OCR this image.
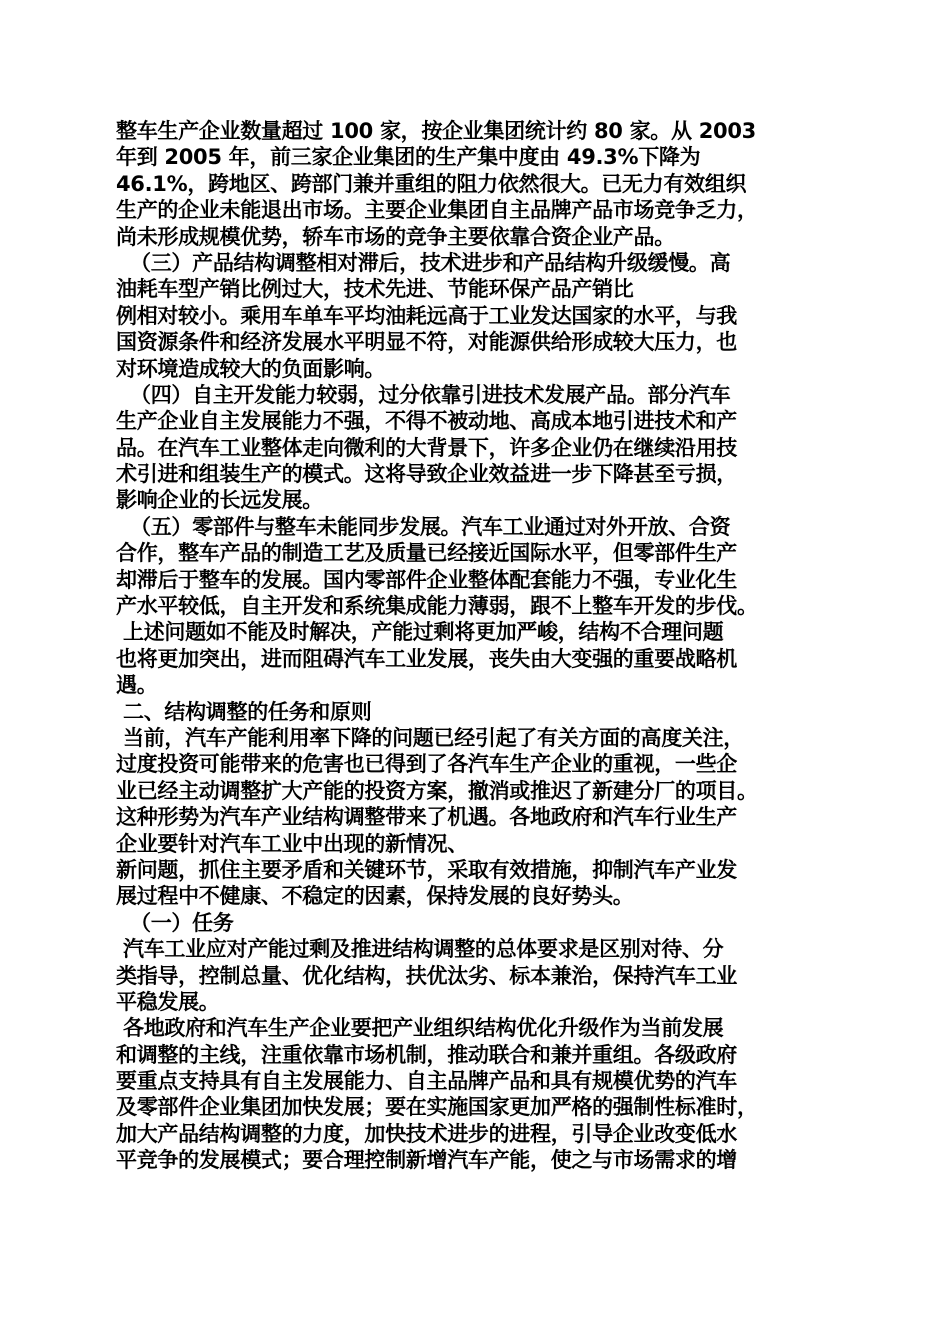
整车生产企业数量超过 100 家，按企业集团统计约 80 家。从 2003
年到 2005 年，前三家企业集团的生产集中度由 49.3%下降为
46.1%，跨地区、跨部门兼并重组的阻力依然很大。已无力有效组织
生产的企业未能退出市场。主要企业集团自主品牌产品市场竞争乏力，
尚未形成规模优势，轿车市场的竞争主要依靠合资企业产品。
（三）产品结构调整相对滞后，技术进步和产品结构升级缓慢。高
油耗车型产销比例过大，技术先进、节能环保产品产销比
例相对较小。乘用车单车平均油耗远高于工业发达国家的水平，与我
国资源条件和经济发展水平明显不符，对能源供给形成较大压力，也
对环境造成较大的负面影响。
（四）自主开发能力较弱，过分依靠引进技术发展产品。部分汽车
生产企业自主发展能力不强，不得不被动地、高成本地引进技术和产
品。在汽车工业整体走向微利的大背景下，许多企业仍在继续沿用技
术引进和组装生产的模式。这将导致企业效益进一步下降甚至亏损，
影响企业的长远发展。
（五）零部件与整车未能同步发展。汽车工业通过对外开放、合资
合作，整车产品的制造工艺及质量已经接近国际水平，但零部件生产
却滞后于整车的发展。国内零部件企业整体配套能力不强，专业化生
产水平较低，自主开发和系统集成能力薄弱，跟不上整车开发的步伐。
上述问题如不能及时解决，产能过剩将更加严峻，结构不合理问题
也将更加突出，进而阻碍汽车工业发展，丧失由大变强的重要战略机
遇。
二、结构调整的任务和原则
当前，汽车产能利用率下降的问题已经引起了有关方面的高度关注，
过度投资可能带来的危害也已得到了各汽车生产企业的重视，一些企
业已经主动调整扩大产能的投资方案，撤消或推迟了新建分厂的项目。
这种形势为汽车产业结构调整带来了机遇。各地政府和汽车行业生产
企业要针对汽车工业中出现的新情况、
新问题，抓住主要矛盾和关键环节，采取有效措施，抑制汽车产业发
展过程中不健康、不稳定的因素，保持发展的良好势头。
（一）任务
汽车工业应对产能过剩及推进结构调整的总体要求是区别对待、分
类指导，控制总量、优化结构，扶优汰劣、标本兼治，保持汽车工业
平稳发展。
各地政府和汽车生产企业要把产业组织结构优化升级作为当前发展
和调整的主线，注重依靠市场机制，推动联合和兼并重组。各级政府
要重点支持具有自主发展能力、自主品牌产品和具有规模优势的汽车
及零部件企业集团加快发展；要在实施国家更加严格的强制性标准时，
加大产品结构调整的力度，加快技术进步的进程，引导企业改变低水
平竞争的发展模式；要合理控制新增汽车产能，使之与市场需求的增
